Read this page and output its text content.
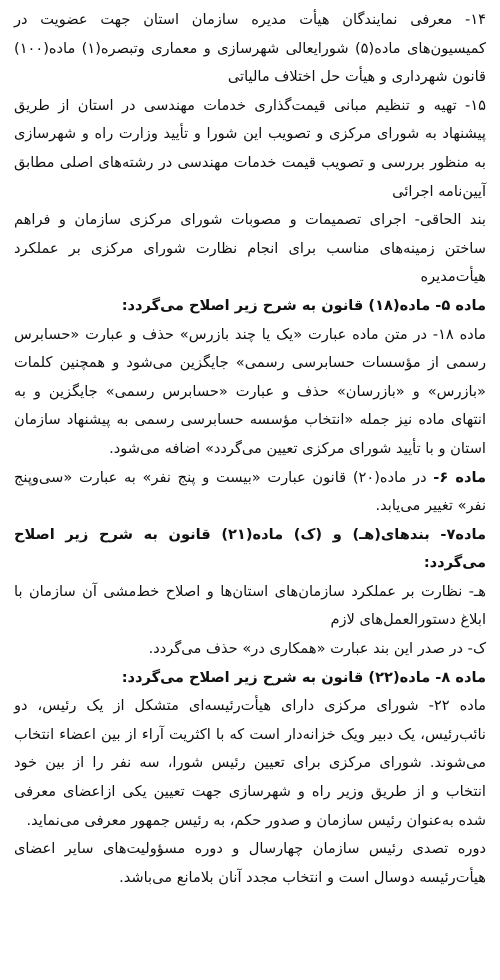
۱۴- معرفی نمایندگان هیأت مدیره سازمان استان جهت عضویت در کمیسیون‌های ماده(۵) شورایعالی شهرسازی و معماری وتبصره(۱) ماده(۱۰۰) قانون شهرداری و هیأت حل اختلاف مالیاتی

۱۵- تهیه و تنظیم مبانی قیمت‌گذاری خدمات مهندسی در استان از طریق پیشنهاد به شورای مرکزی و تصویب این شورا و تأیید وزارت راه و شهرسازی به منظور بررسی و تصویب قیمت خدمات مهندسی در رشته‌های اصلی مطابق آیین‌نامه اجرائی

بند الحاقی- اجرای تصمیمات و مصوبات شورای مرکزی سازمان و فراهم ساختن زمینه‌های مناسب برای انجام نظارت شورای مرکزی بر عملکرد هیأت‌مدیره

ماده ۵- ماده(۱۸) قانون به شرح زیر اصلاح می‌گردد:

ماده ۱۸- در متن ماده عبارت «یک یا چند بازرس» حذف و عبارت «حسابرس رسمی از مؤسسات حسابرسی رسمی» جایگزین می‌شود و همچنین کلمات «بازرس» و «بازرسان» حذف و عبارت «حسابرس رسمی» جایگزین و به انتهای ماده نیز جمله «انتخاب مؤسسه حسابرسی رسمی به پیشنهاد سازمان استان و با تأیید شورای مرکزی تعیین می‌گردد» اضافه می‌شود.

ماده ۶- در ماده(۲۰) قانون عبارت «بیست و پنج نفر» به عبارت «سی‌وپنج نفر» تغییر می‌یابد.

ماده۷- بندهای(هـ) و (ک) ماده(۲۱) قانون به شرح زیر اصلاح می‌گردد:

هـ- نظارت بر عملکرد سازمان‌های استان‌ها و اصلاح خط‌مشی آن سازمان با ابلاغ دستورالعمل‌های لازم

ک- در صدر این بند عبارت «همکاری در» حذف می‌گردد.

ماده ۸- ماده(۲۲) قانون به شرح زیر اصلاح می‌گردد:

ماده ۲۲- شورای مرکزی دارای هیأت‌رئیسه‌ای متشکل از یک رئیس، دو نائب‌رئیس، یک دبیر ویک خزانه‌دار است که با اکثریت آراء از بین اعضاء انتخاب می‌شوند. شورای مرکزی برای تعیین رئیس شورا، سه نفر را از بین خود انتخاب و از طریق وزیر راه و شهرسازی جهت تعیین یکی ازاعضای معرفی شده به‌عنوان رئیس سازمان و صدور حکم، به رئیس جمهور معرفی می‌نماید.

دوره تصدی رئیس سازمان چهارسال و دوره مسؤولیت‌های سایر اعضای هیأت‌رئیسه دوسال است و انتخاب مجدد آنان بلامانع می‌باشد.
